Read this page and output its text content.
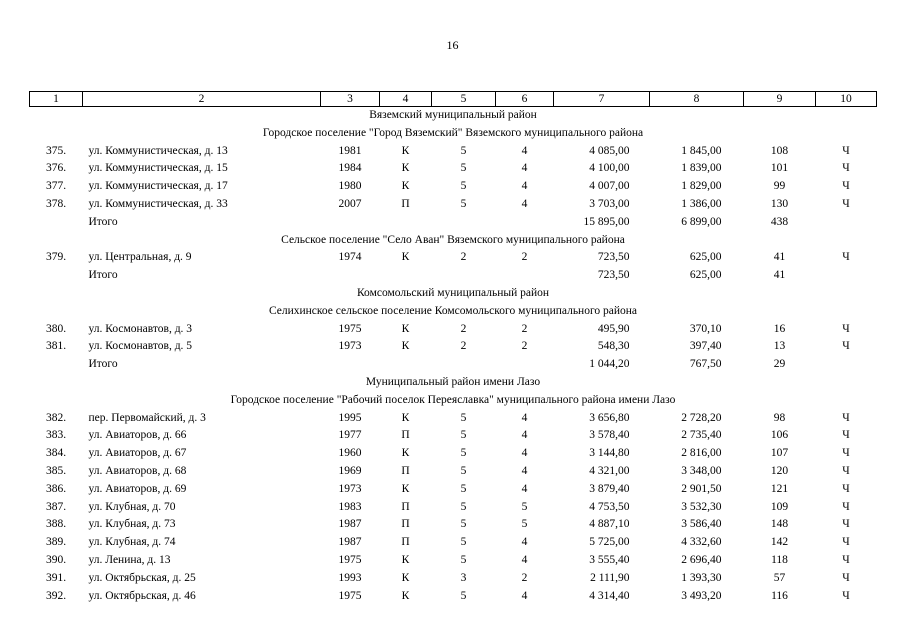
16
1	2	3	4	5	6	7	8	9	10
Вяземский муниципальный район									
Городское поселение "Город Вяземский" Вяземского муниципального района									
375.	ул. Коммунистическая, д. 13	1981	К	5	4	4 085,00	1 845,00	108	Ч
376.	ул. Коммунистическая, д. 15	1984	К	5	4	4 100,00	1 839,00	101	Ч
377.	ул. Коммунистическая, д. 17	1980	К	5	4	4 007,00	1 829,00	99	Ч
378.	ул. Коммунистическая, д. 33	2007	П	5	4	3 703,00	1 386,00	130	Ч
	Итого					15 895,00	6 899,00	438	
Сельское поселение "Село Аван" Вяземского муниципального района									
379.	ул. Центральная, д. 9	1974	К	2	2	723,50	625,00	41	Ч
	Итого					723,50	625,00	41	
Комсомольский муниципальный район									
Селихинское сельское поселение Комсомольского муниципального района									
380.	ул. Космонавтов, д. 3	1975	К	2	2	495,90	370,10	16	Ч
381.	ул. Космонавтов, д. 5	1973	К	2	2	548,30	397,40	13	Ч
	Итого					1 044,20	767,50	29	
Муниципальный район имени Лазо									
Городское поселение "Рабочий поселок Переяславка" муниципального района имени Лазо									
382.	пер. Первомайский, д. 3	1995	К	5	4	3 656,80	2 728,20	98	Ч
383.	ул. Авиаторов, д. 66	1977	П	5	4	3 578,40	2 735,40	106	Ч
384.	ул. Авиаторов, д. 67	1960	К	5	4	3 144,80	2 816,00	107	Ч
385.	ул. Авиаторов, д. 68	1969	П	5	4	4 321,00	3 348,00	120	Ч
386.	ул. Авиаторов, д. 69	1973	К	5	4	3 879,40	2 901,50	121	Ч
387.	ул. Клубная, д. 70	1983	П	5	5	4 753,50	3 532,30	109	Ч
388.	ул. Клубная, д. 73	1987	П	5	5	4 887,10	3 586,40	148	Ч
389.	ул. Клубная, д. 74	1987	П	5	4	5 725,00	4 332,60	142	Ч
390.	ул. Ленина, д. 13	1975	К	5	4	3 555,40	2 696,40	118	Ч
391.	ул. Октябрьская, д. 25	1993	К	3	2	2 111,90	1 393,30	57	Ч
392.	ул. Октябрьская, д. 46	1975	К	5	4	4 314,40	3 493,20	116	Ч
